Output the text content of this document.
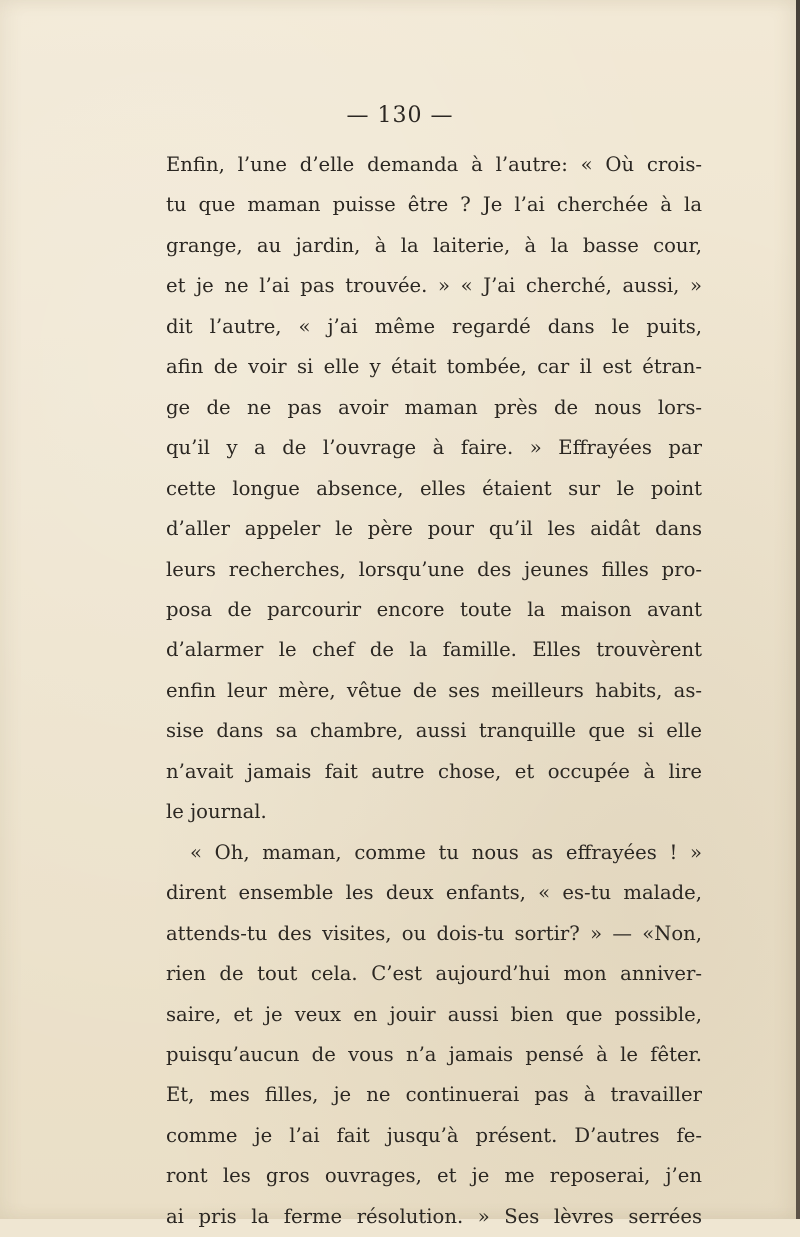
— 130 —
Enfin, l’une d’elle demanda à l’autre: « Où crois-
tu que maman puisse être ? Je l’ai cherchée à la
grange, au jardin, à la laiterie, à la basse cour,
et je ne l’ai pas trouvée. » « J’ai cherché, aussi, »
dit l’autre, « j’ai même regardé dans le puits,
afin de voir si elle y était tombée, car il est étran-
ge de ne pas avoir maman près de nous lors-
qu’il y a de l’ouvrage à faire. » Effrayées par
cette longue absence, elles étaient sur le point
d’aller appeler le père pour qu’il les aidât dans
leurs recherches, lorsqu’une des jeunes filles pro-
posa de parcourir encore toute la maison avant
d’alarmer le chef de la famille. Elles trouvèrent
enfin leur mère, vêtue de ses meilleurs habits, as-
sise dans sa chambre, aussi tranquille que si elle
n’avait jamais fait autre chose, et occupée à lire
le journal.
« Oh, maman, comme tu nous as effrayées ! »
dirent ensemble les deux enfants, « es-tu malade,
attends-tu des visites, ou dois-tu sortir? » — «Non,
rien de tout cela. C’est aujourd’hui mon anniver-
saire, et je veux en jouir aussi bien que possible,
puisqu’aucun de vous n’a jamais pensé à le fêter.
Et, mes filles, je ne continuerai pas à travailler
comme je l’ai fait jusqu’à présent. D’autres fe-
ront les gros ouvrages, et je me reposerai, j’en
ai pris la ferme résolution. » Ses lèvres serrées
